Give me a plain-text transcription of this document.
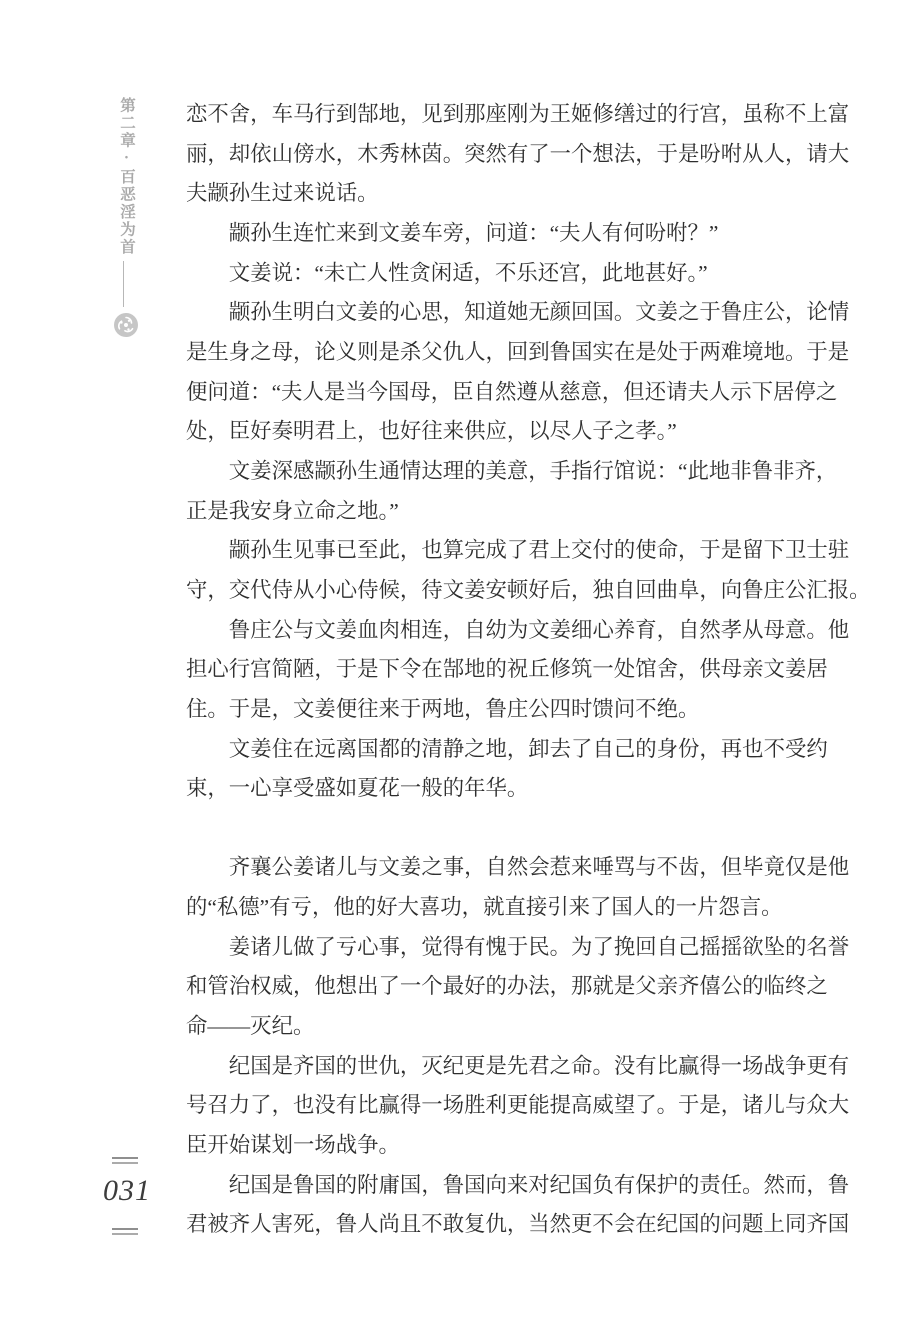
第二章·百恶淫为首 恋不舍，车马行到郜地，见到那座刚为王姬修缮过的行宫，虽称不上富
丽，却依山傍水，木秀林茵。突然有了一个想法，于是吩咐从人，请大
夫颛孙生过来说话。
颛孙生连忙来到文姜车旁，问道：“夫人有何吩咐？”
文姜说：“未亡人性贪闲适，不乐还宫，此地甚好。”
颛孙生明白文姜的心思，知道她无颜回国。文姜之于鲁庄公，论情
是生身之母，论义则是杀父仇人，回到鲁国实在是处于两难境地。于是
便问道：“夫人是当今国母，臣自然遵从慈意，但还请夫人示下居停之
处，臣好奏明君上，也好往来供应，以尽人子之孝。”
文姜深感颛孙生通情达理的美意，手指行馆说：“此地非鲁非齐，
正是我安身立命之地。”
颛孙生见事已至此，也算完成了君上交付的使命，于是留下卫士驻
守，交代侍从小心侍候，待文姜安顿好后，独自回曲阜，向鲁庄公汇报。
鲁庄公与文姜血肉相连，自幼为文姜细心养育，自然孝从母意。他
担心行宫简陋，于是下令在郜地的祝丘修筑一处馆舍，供母亲文姜居
住。于是，文姜便往来于两地，鲁庄公四时馈问不绝。
文姜住在远离国都的清静之地，卸去了自己的身份，再也不受约
束，一心享受盛如夏花一般的年华。
齐襄公姜诸儿与文姜之事，自然会惹来唾骂与不齿，但毕竟仅是他
的“私德”有亏，他的好大喜功，就直接引来了国人的一片怨言。
姜诸儿做了亏心事，觉得有愧于民。为了挽回自己摇摇欲坠的名誉
和管治权威，他想出了一个最好的办法，那就是父亲齐僖公的临终之
命——灭纪。
纪国是齐国的世仇，灭纪更是先君之命。没有比赢得一场战争更有
号召力了，也没有比赢得一场胜利更能提高威望了。于是，诸儿与众大
臣开始谋划一场战争。
纪国是鲁国的附庸国，鲁国向来对纪国负有保护的责任。然而，鲁
君被齐人害死，鲁人尚且不敢复仇，当然更不会在纪国的问题上同齐国
031
